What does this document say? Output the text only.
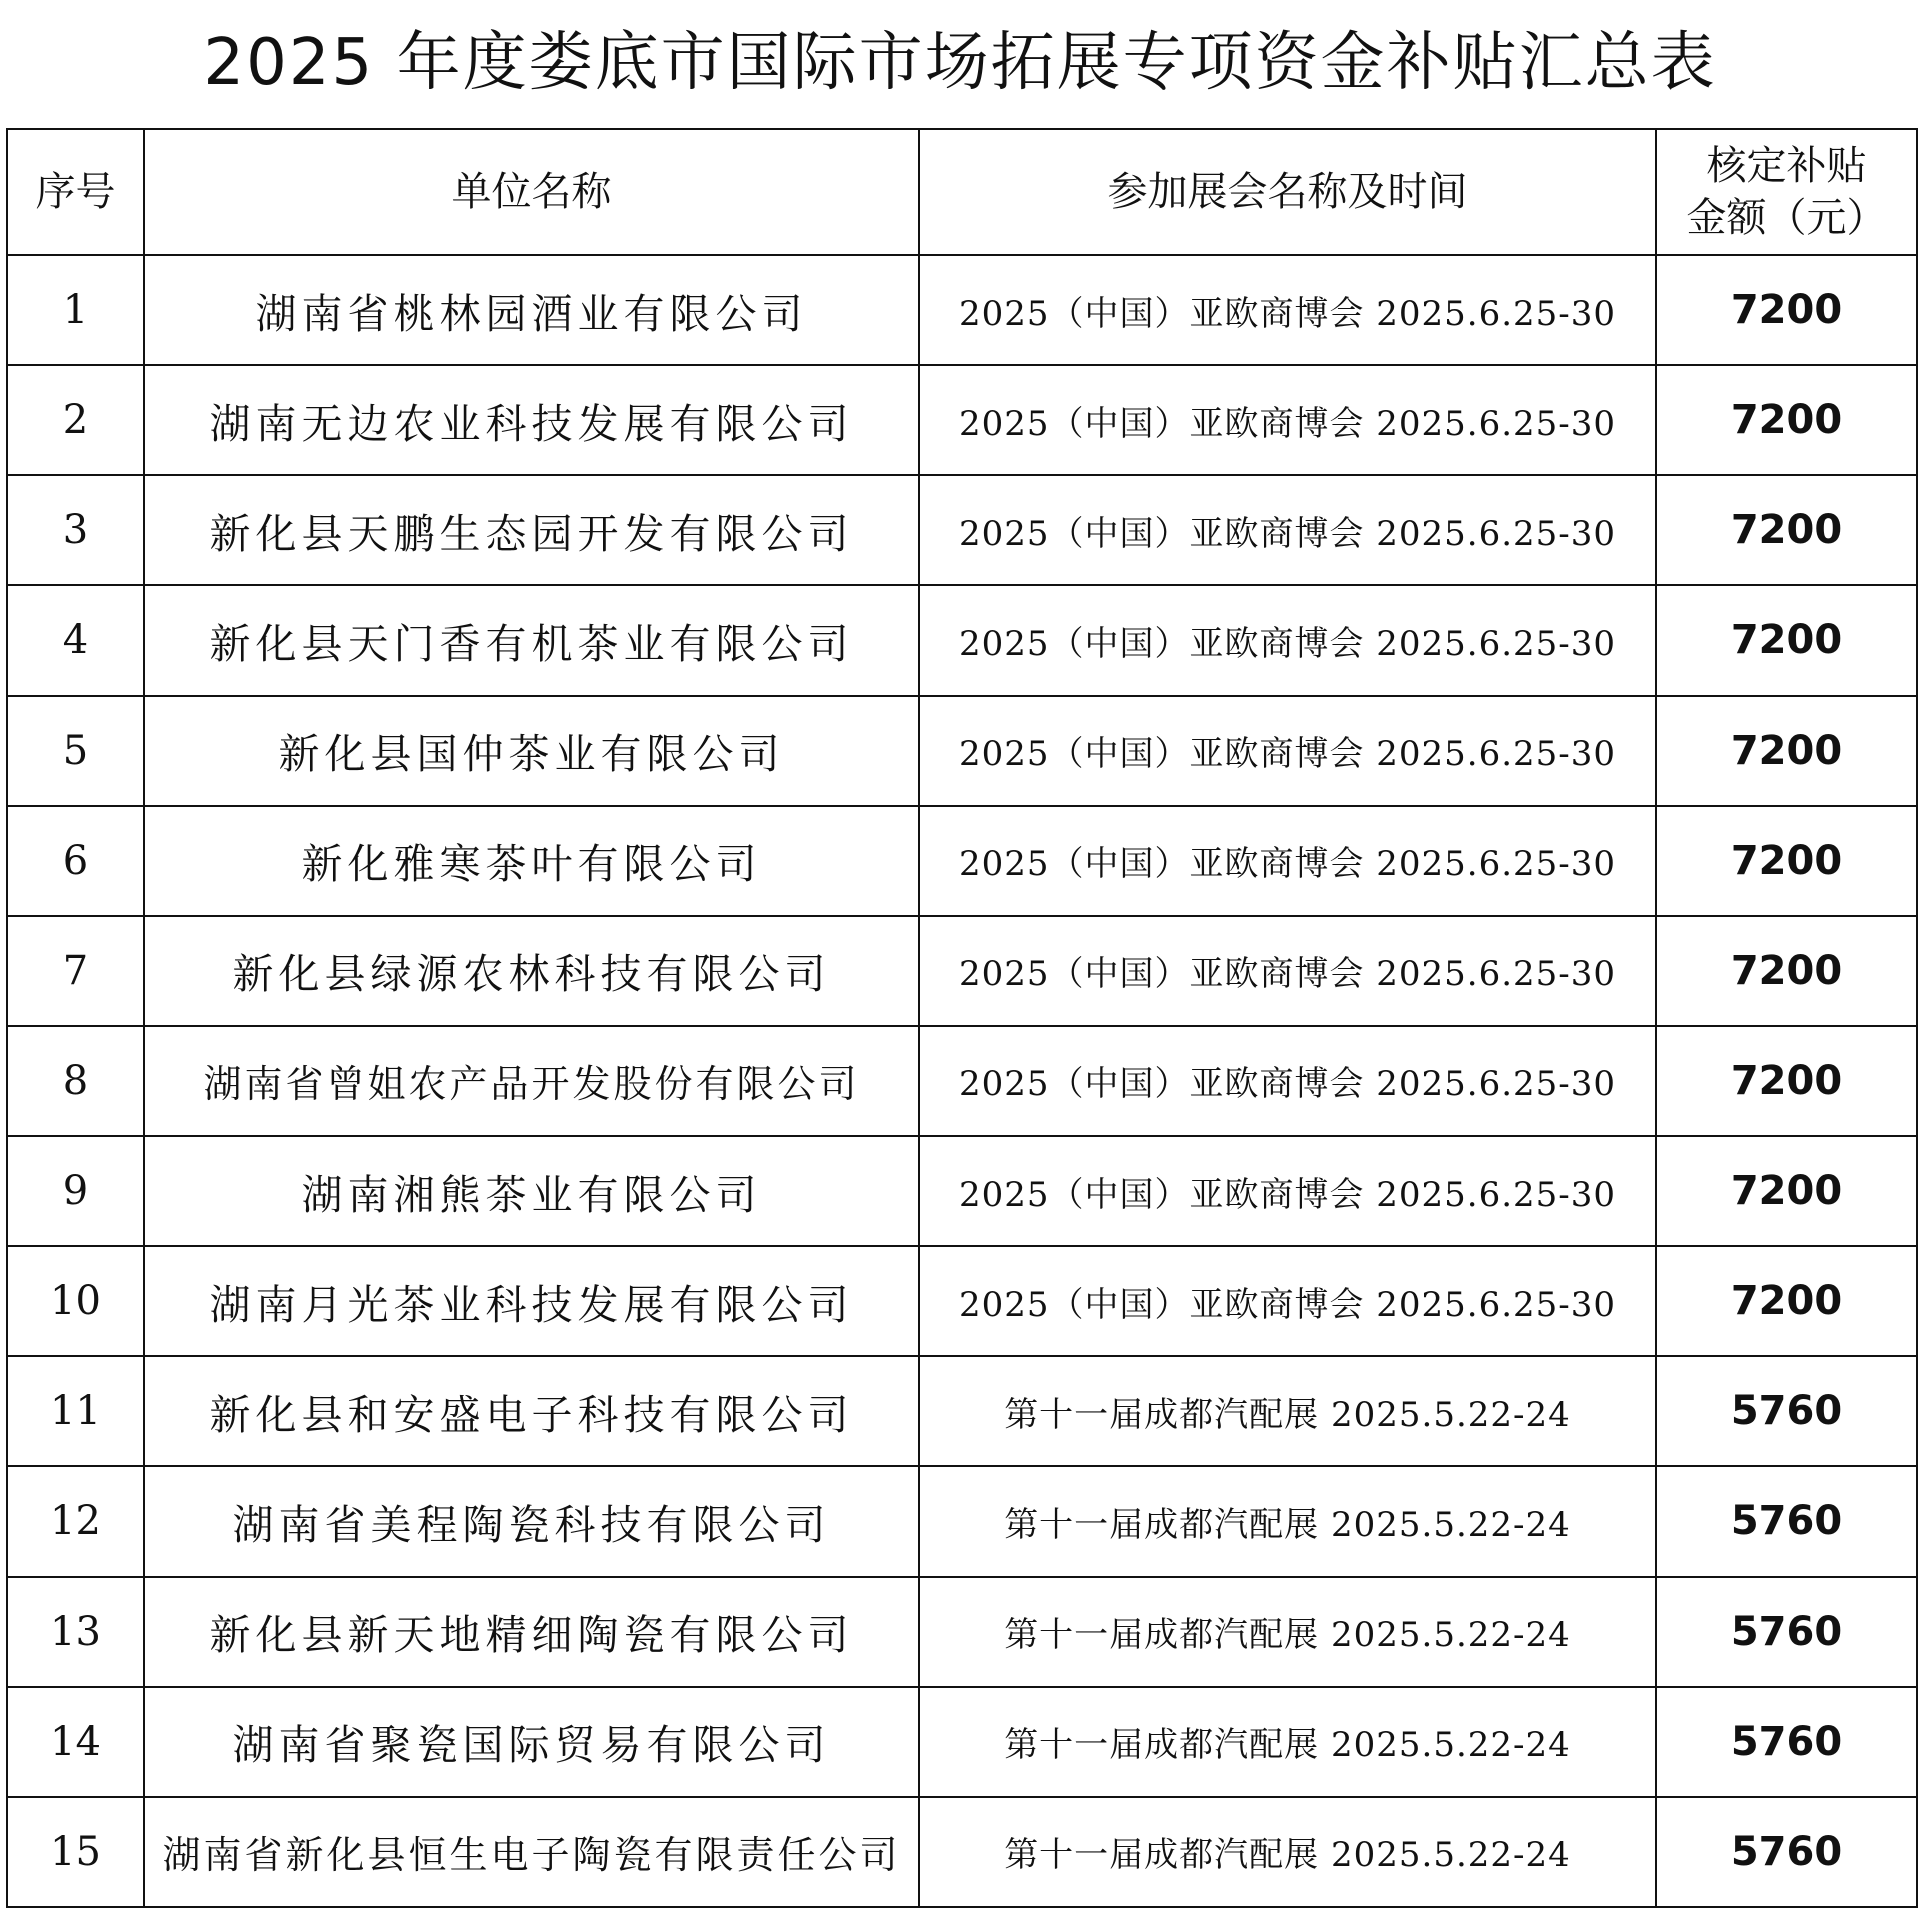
2025 年度娄底市国际市场拓展专项资金补贴汇总表
序号	单位名称	参加展会名称及时间	核定补贴
金额（元）
1	湖南省桃林园酒业有限公司	2025（中国）亚欧商博会 2025.6.25-30	7200
2	湖南无边农业科技发展有限公司	2025（中国）亚欧商博会 2025.6.25-30	7200
3	新化县天鹏生态园开发有限公司	2025（中国）亚欧商博会 2025.6.25-30	7200
4	新化县天门香有机茶业有限公司	2025（中国）亚欧商博会 2025.6.25-30	7200
5	新化县国仲茶业有限公司	2025（中国）亚欧商博会 2025.6.25-30	7200
6	新化雅寒茶叶有限公司	2025（中国）亚欧商博会 2025.6.25-30	7200
7	新化县绿源农林科技有限公司	2025（中国）亚欧商博会 2025.6.25-30	7200
8	湖南省曾姐农产品开发股份有限公司	2025（中国）亚欧商博会 2025.6.25-30	7200
9	湖南湘熊茶业有限公司	2025（中国）亚欧商博会 2025.6.25-30	7200
10	湖南月光茶业科技发展有限公司	2025（中国）亚欧商博会 2025.6.25-30	7200
11	新化县和安盛电子科技有限公司	第十一届成都汽配展 2025.5.22-24	5760
12	湖南省美程陶瓷科技有限公司	第十一届成都汽配展 2025.5.22-24	5760
13	新化县新天地精细陶瓷有限公司	第十一届成都汽配展 2025.5.22-24	5760
14	湖南省聚瓷国际贸易有限公司	第十一届成都汽配展 2025.5.22-24	5760
15	湖南省新化县恒生电子陶瓷有限责任公司	第十一届成都汽配展 2025.5.22-24	5760
